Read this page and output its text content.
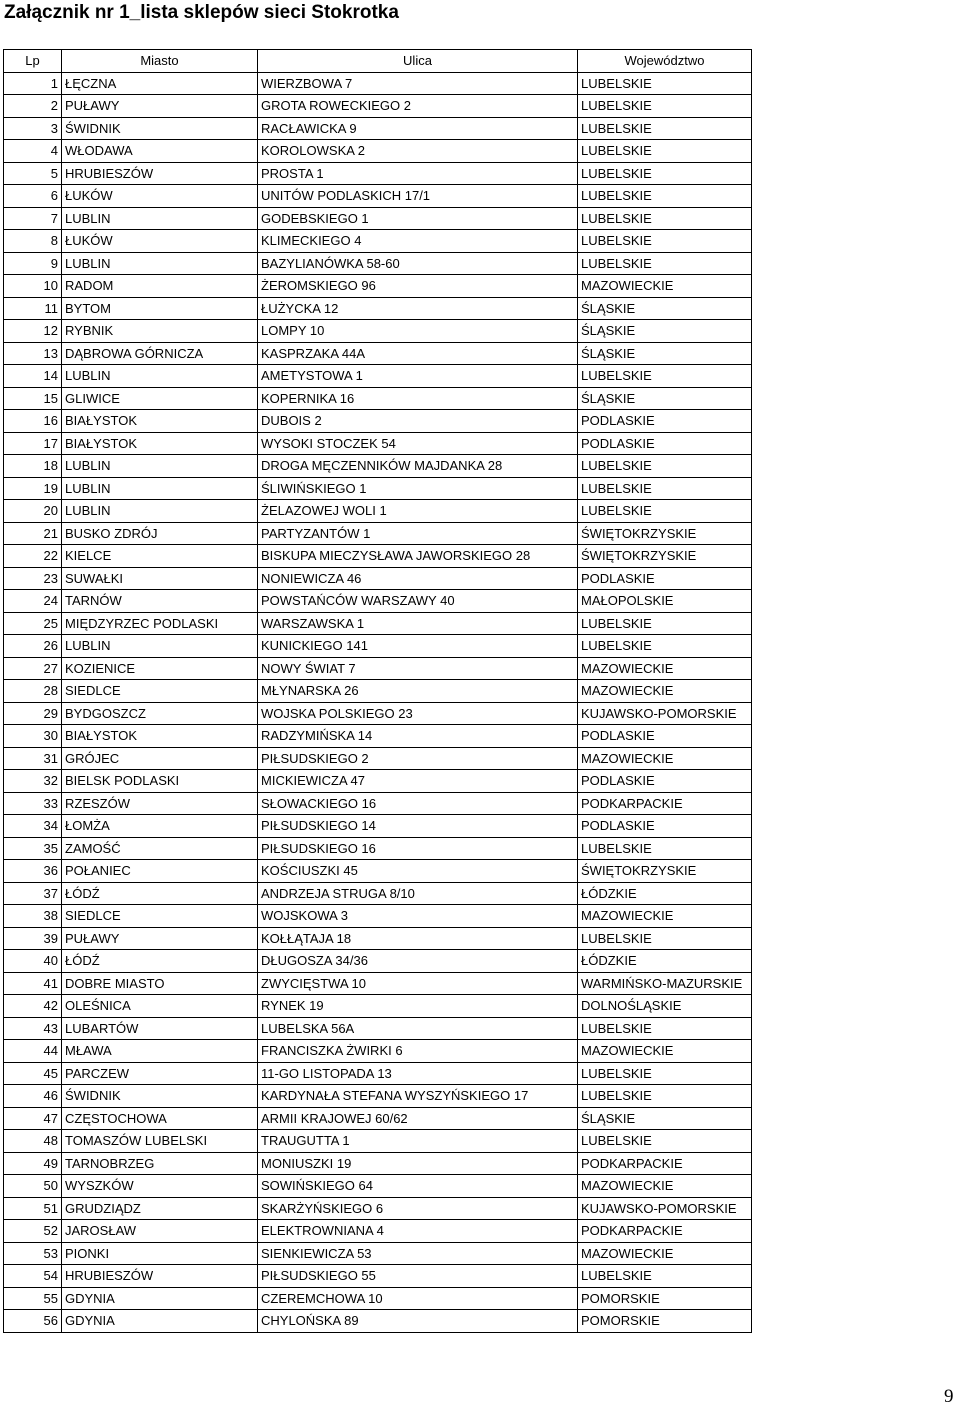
Załącznik nr 1_lista sklepów sieci Stokrotka
Lp	Miasto	Ulica	Województwo
1	ŁĘCZNA	WIERZBOWA 7	LUBELSKIE
2	PUŁAWY	GROTA ROWECKIEGO 2	LUBELSKIE
3	ŚWIDNIK	RACŁAWICKA 9	LUBELSKIE
4	WŁODAWA	KOROLOWSKA 2	LUBELSKIE
5	HRUBIESZÓW	PROSTA 1	LUBELSKIE
6	ŁUKÓW	UNITÓW PODLASKICH 17/1	LUBELSKIE
7	LUBLIN	GODEBSKIEGO 1	LUBELSKIE
8	ŁUKÓW	KLIMECKIEGO 4	LUBELSKIE
9	LUBLIN	BAZYLIANÓWKA 58-60	LUBELSKIE
10	RADOM	ŻEROMSKIEGO 96	MAZOWIECKIE
11	BYTOM	ŁUŻYCKA 12	ŚLĄSKIE
12	RYBNIK	LOMPY 10	ŚLĄSKIE
13	DĄBROWA GÓRNICZA	KASPRZAKA 44A	ŚLĄSKIE
14	LUBLIN	AMETYSTOWA 1	LUBELSKIE
15	GLIWICE	KOPERNIKA 16	ŚLĄSKIE
16	BIAŁYSTOK	DUBOIS 2	PODLASKIE
17	BIAŁYSTOK	WYSOKI STOCZEK 54	PODLASKIE
18	LUBLIN	DROGA MĘCZENNIKÓW MAJDANKA 28	LUBELSKIE
19	LUBLIN	ŚLIWIŃSKIEGO 1	LUBELSKIE
20	LUBLIN	ŻELAZOWEJ WOLI 1	LUBELSKIE
21	BUSKO ZDRÓJ	PARTYZANTÓW 1	ŚWIĘTOKRZYSKIE
22	KIELCE	BISKUPA MIECZYSŁAWA JAWORSKIEGO 28	ŚWIĘTOKRZYSKIE
23	SUWAŁKI	NONIEWICZA 46	PODLASKIE
24	TARNÓW	POWSTAŃCÓW WARSZAWY 40	MAŁOPOLSKIE
25	MIĘDZYRZEC PODLASKI	WARSZAWSKA 1	LUBELSKIE
26	LUBLIN	KUNICKIEGO 141	LUBELSKIE
27	KOZIENICE	NOWY ŚWIAT 7	MAZOWIECKIE
28	SIEDLCE	MŁYNARSKA 26	MAZOWIECKIE
29	BYDGOSZCZ	WOJSKA POLSKIEGO 23	KUJAWSKO-POMORSKIE
30	BIAŁYSTOK	RADZYMIŃSKA 14	PODLASKIE
31	GRÓJEC	PIŁSUDSKIEGO 2	MAZOWIECKIE
32	BIELSK PODLASKI	MICKIEWICZA 47	PODLASKIE
33	RZESZÓW	SŁOWACKIEGO 16	PODKARPACKIE
34	ŁOMŻA	PIŁSUDSKIEGO 14	PODLASKIE
35	ZAMOŚĆ	PIŁSUDSKIEGO 16	LUBELSKIE
36	POŁANIEC	KOŚCIUSZKI 45	ŚWIĘTOKRZYSKIE
37	ŁÓDŹ	ANDRZEJA STRUGA 8/10	ŁÓDZKIE
38	SIEDLCE	WOJSKOWA 3	MAZOWIECKIE
39	PUŁAWY	KOŁŁĄTAJA 18	LUBELSKIE
40	ŁÓDŹ	DŁUGOSZA 34/36	ŁÓDZKIE
41	DOBRE MIASTO	ZWYCIĘSTWA 10	WARMIŃSKO-MAZURSKIE
42	OLEŚNICA	RYNEK 19	DOLNOŚLĄSKIE
43	LUBARTÓW	LUBELSKA 56A	LUBELSKIE
44	MŁAWA	FRANCISZKA ŻWIRKI 6	MAZOWIECKIE
45	PARCZEW	11-GO LISTOPADA 13	LUBELSKIE
46	ŚWIDNIK	KARDYNAŁA STEFANA WYSZYŃSKIEGO 17	LUBELSKIE
47	CZĘSTOCHOWA	ARMII KRAJOWEJ 60/62	ŚLĄSKIE
48	TOMASZÓW LUBELSKI	TRAUGUTTA 1	LUBELSKIE
49	TARNOBRZEG	MONIUSZKI 19	PODKARPACKIE
50	WYSZKÓW	SOWIŃSKIEGO 64	MAZOWIECKIE
51	GRUDZIĄDZ	SKARŻYŃSKIEGO 6	KUJAWSKO-POMORSKIE
52	JAROSŁAW	ELEKTROWNIANA 4	PODKARPACKIE
53	PIONKI	SIENKIEWICZA 53	MAZOWIECKIE
54	HRUBIESZÓW	PIŁSUDSKIEGO 55	LUBELSKIE
55	GDYNIA	CZEREMCHOWA 10	POMORSKIE
56	GDYNIA	CHYLOŃSKA 89	POMORSKIE
9
